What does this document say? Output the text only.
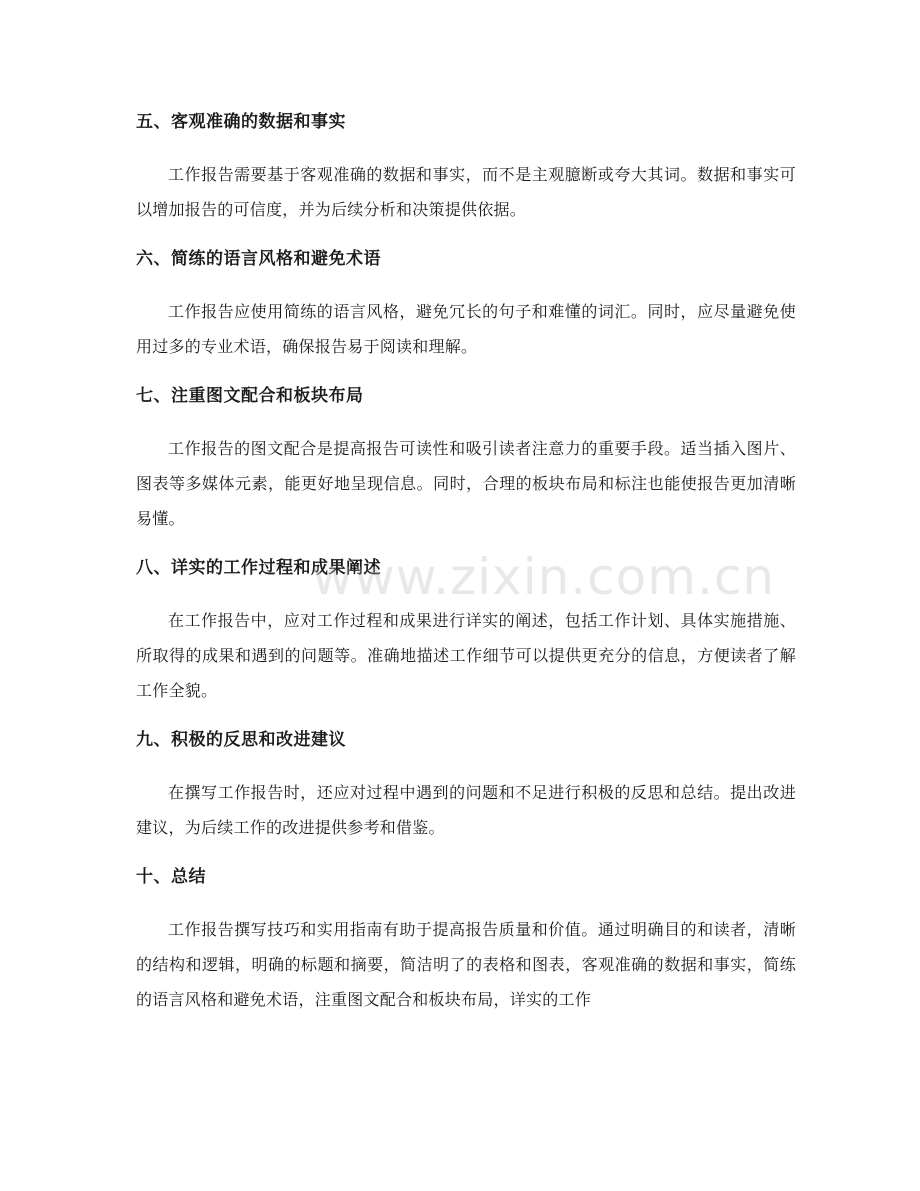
五、客观准确的数据和事实

工作报告需要基于客观准确的数据和事实，而不是主观臆断或夸大其词。数据和事实可以增加报告的可信度，并为后续分析和决策提供依据。

六、简练的语言风格和避免术语

工作报告应使用简练的语言风格，避免冗长的句子和难懂的词汇。同时，应尽量避免使用过多的专业术语，确保报告易于阅读和理解。

七、注重图文配合和板块布局

工作报告的图文配合是提高报告可读性和吸引读者注意力的重要手段。适当插入图片、图表等多媒体元素，能更好地呈现信息。同时，合理的板块布局和标注也能使报告更加清晰易懂。

八、详实的工作过程和成果阐述

在工作报告中，应对工作过程和成果进行详实的阐述，包括工作计划、具体实施措施、所取得的成果和遇到的问题等。准确地描述工作细节可以提供更充分的信息，方便读者了解工作全貌。

九、积极的反思和改进建议

在撰写工作报告时，还应对过程中遇到的问题和不足进行积极的反思和总结。提出改进建议，为后续工作的改进提供参考和借鉴。

十、总结

工作报告撰写技巧和实用指南有助于提高报告质量和价值。通过明确目的和读者，清晰的结构和逻辑，明确的标题和摘要，简洁明了的表格和图表，客观准确的数据和事实，简练的语言风格和避免术语，注重图文配合和板块布局，详实的工作

www.zixin.com.cn
